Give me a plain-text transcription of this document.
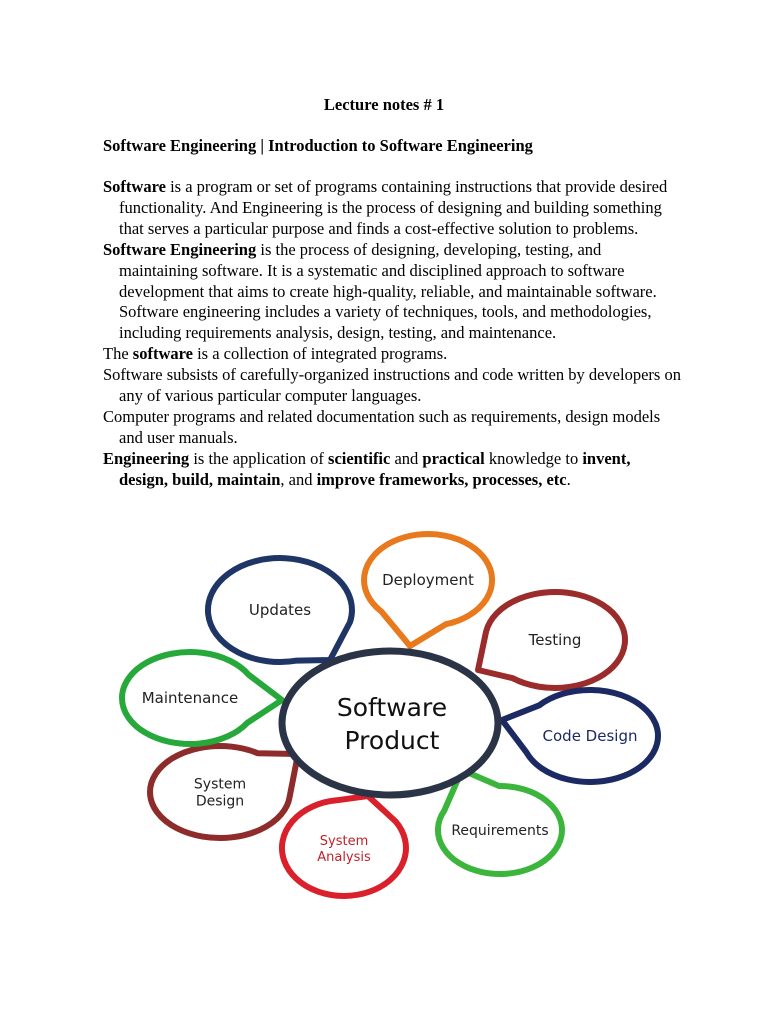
Lecture notes # 1
Software Engineering | Introduction to Software Engineering

Software is a program or set of programs containing instructions that provide desired functionality. And Engineering is the process of designing and building something that serves a particular purpose and finds a cost-effective solution to problems.

Software Engineering is the process of designing, developing, testing, and maintaining software. It is a systematic and disciplined approach to software development that aims to create high-quality, reliable, and maintainable software. Software engineering includes a variety of techniques, tools, and methodologies, including requirements analysis, design, testing, and maintenance.

The software is a collection of integrated programs.

Software subsists of carefully-organized instructions and code written by developers on any of various particular computer languages.

Computer programs and related documentation such as requirements, design models and user manuals.

Engineering is the application of scientific and practical knowledge to invent, design, build, maintain, and improve frameworks, processes, etc.

Updates
Deployment
Testing
Code Design
Requirements
System
Analysis
System
Design
Maintenance	Software
Product
